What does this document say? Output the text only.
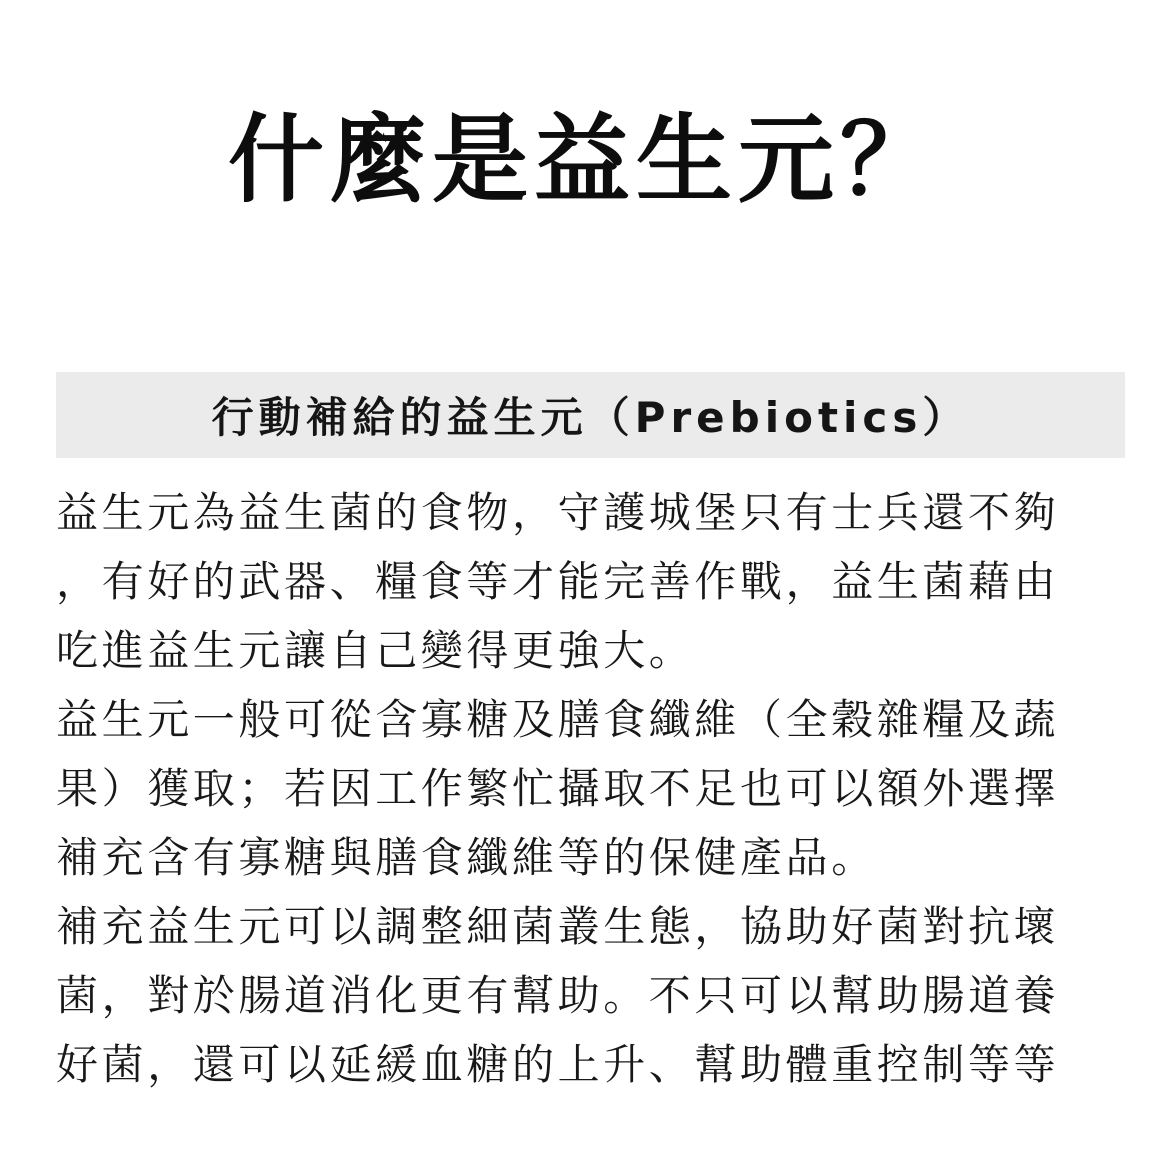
什麼是益生元？
行動補給的益生元（Prebiotics）
益生元為益生菌的食物，守護城堡只有士兵還不夠
，有好的武器、糧食等才能完善作戰，益生菌藉由
吃進益生元讓自己變得更強大。
益生元一般可從含寡糖及膳食纖維（全穀雜糧及蔬
果）獲取；若因工作繁忙攝取不足也可以額外選擇
補充含有寡糖與膳食纖維等的保健產品。
補充益生元可以調整細菌叢生態，協助好菌對抗壞
菌，對於腸道消化更有幫助。不只可以幫助腸道養
好菌，還可以延緩血糖的上升、幫助體重控制等等
